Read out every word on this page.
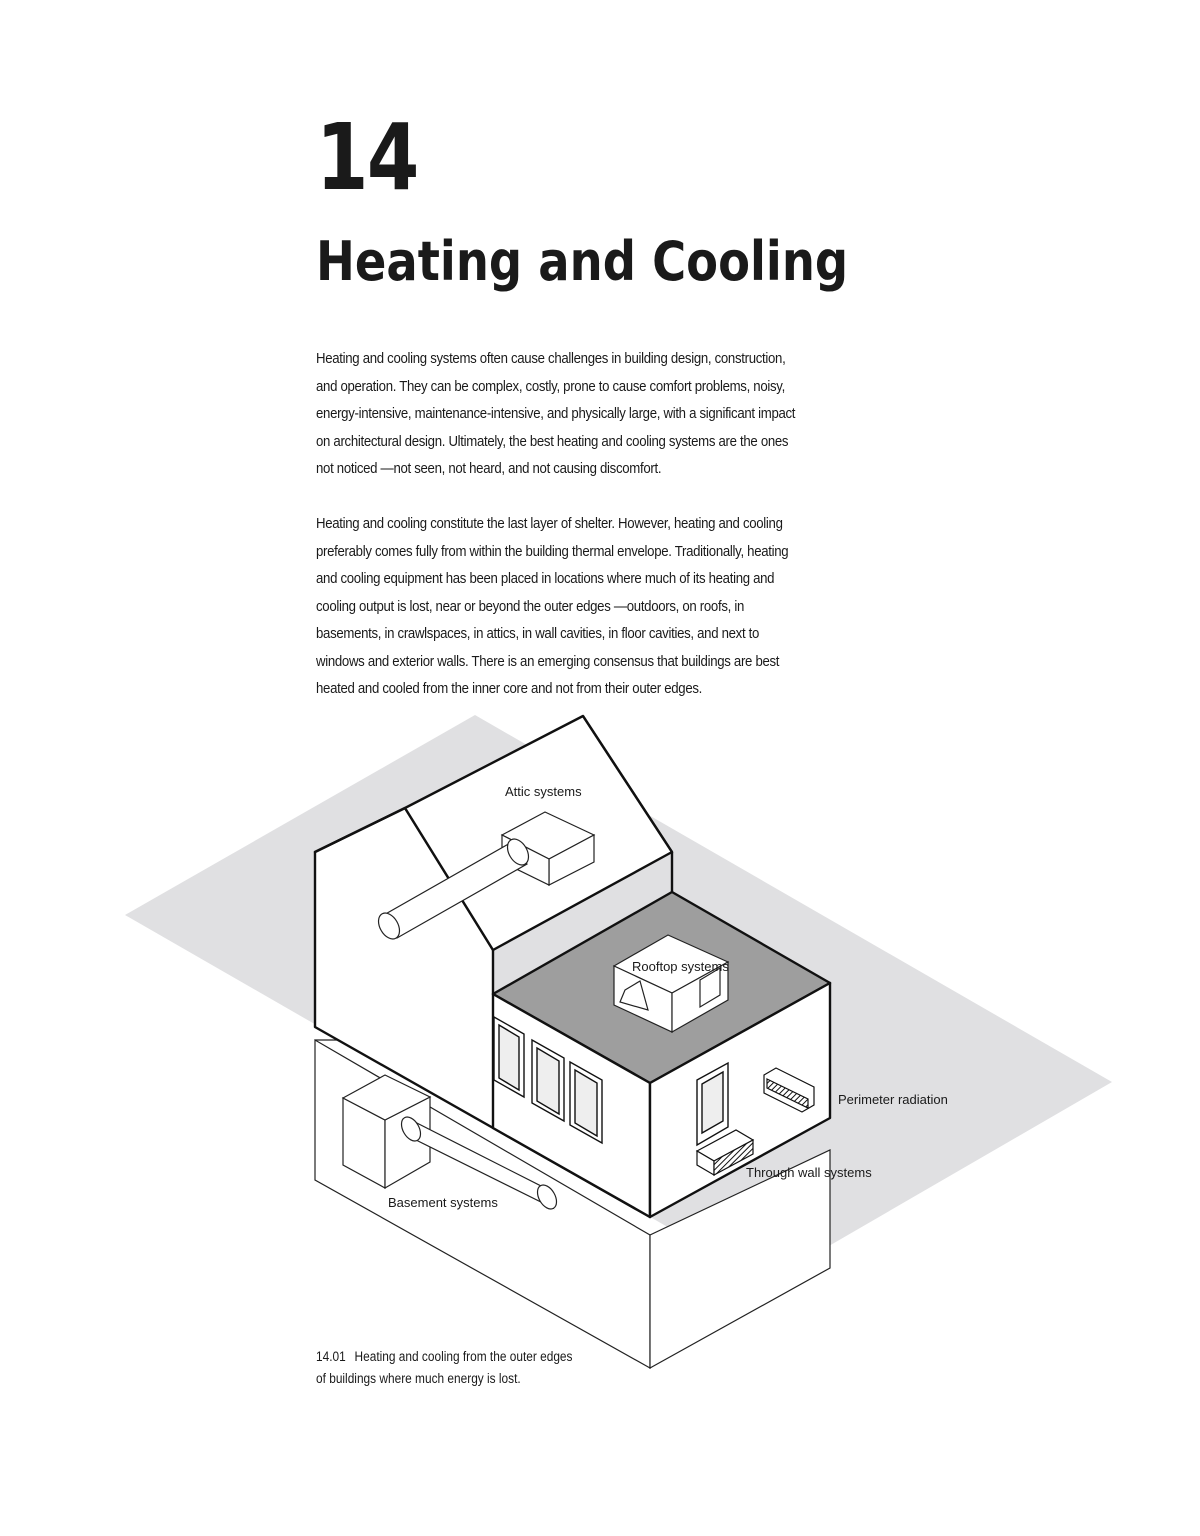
14
Heating and Cooling

Heating and cooling systems often cause challenges in building design, construction, and operation. They can be complex, costly, prone to cause comfort problems, noisy, energy-intensive, maintenance-intensive, and physically large, with a significant impact on architectural design. Ultimately, the best heating and cooling systems are the ones not noticed —not seen, not heard, and not causing discomfort.

Heating and cooling constitute the last layer of shelter. However, heating and cooling preferably comes fully from within the building thermal envelope. Traditionally, heating and cooling equipment has been placed in locations where much of its heating and cooling output is lost, near or beyond the outer edges —outdoors, on roofs, in basements, in crawlspaces, in attics, in wall cavities, in floor cavities, and next to windows and exterior walls. There is an emerging consensus that buildings are best heated and cooled from the inner core and not from their outer edges.

Attic systems
Rooftop systems
Perimeter radiation
Through wall systems
Basement systems

14.01 Heating and cooling from the outer edges of buildings where much energy is lost.
